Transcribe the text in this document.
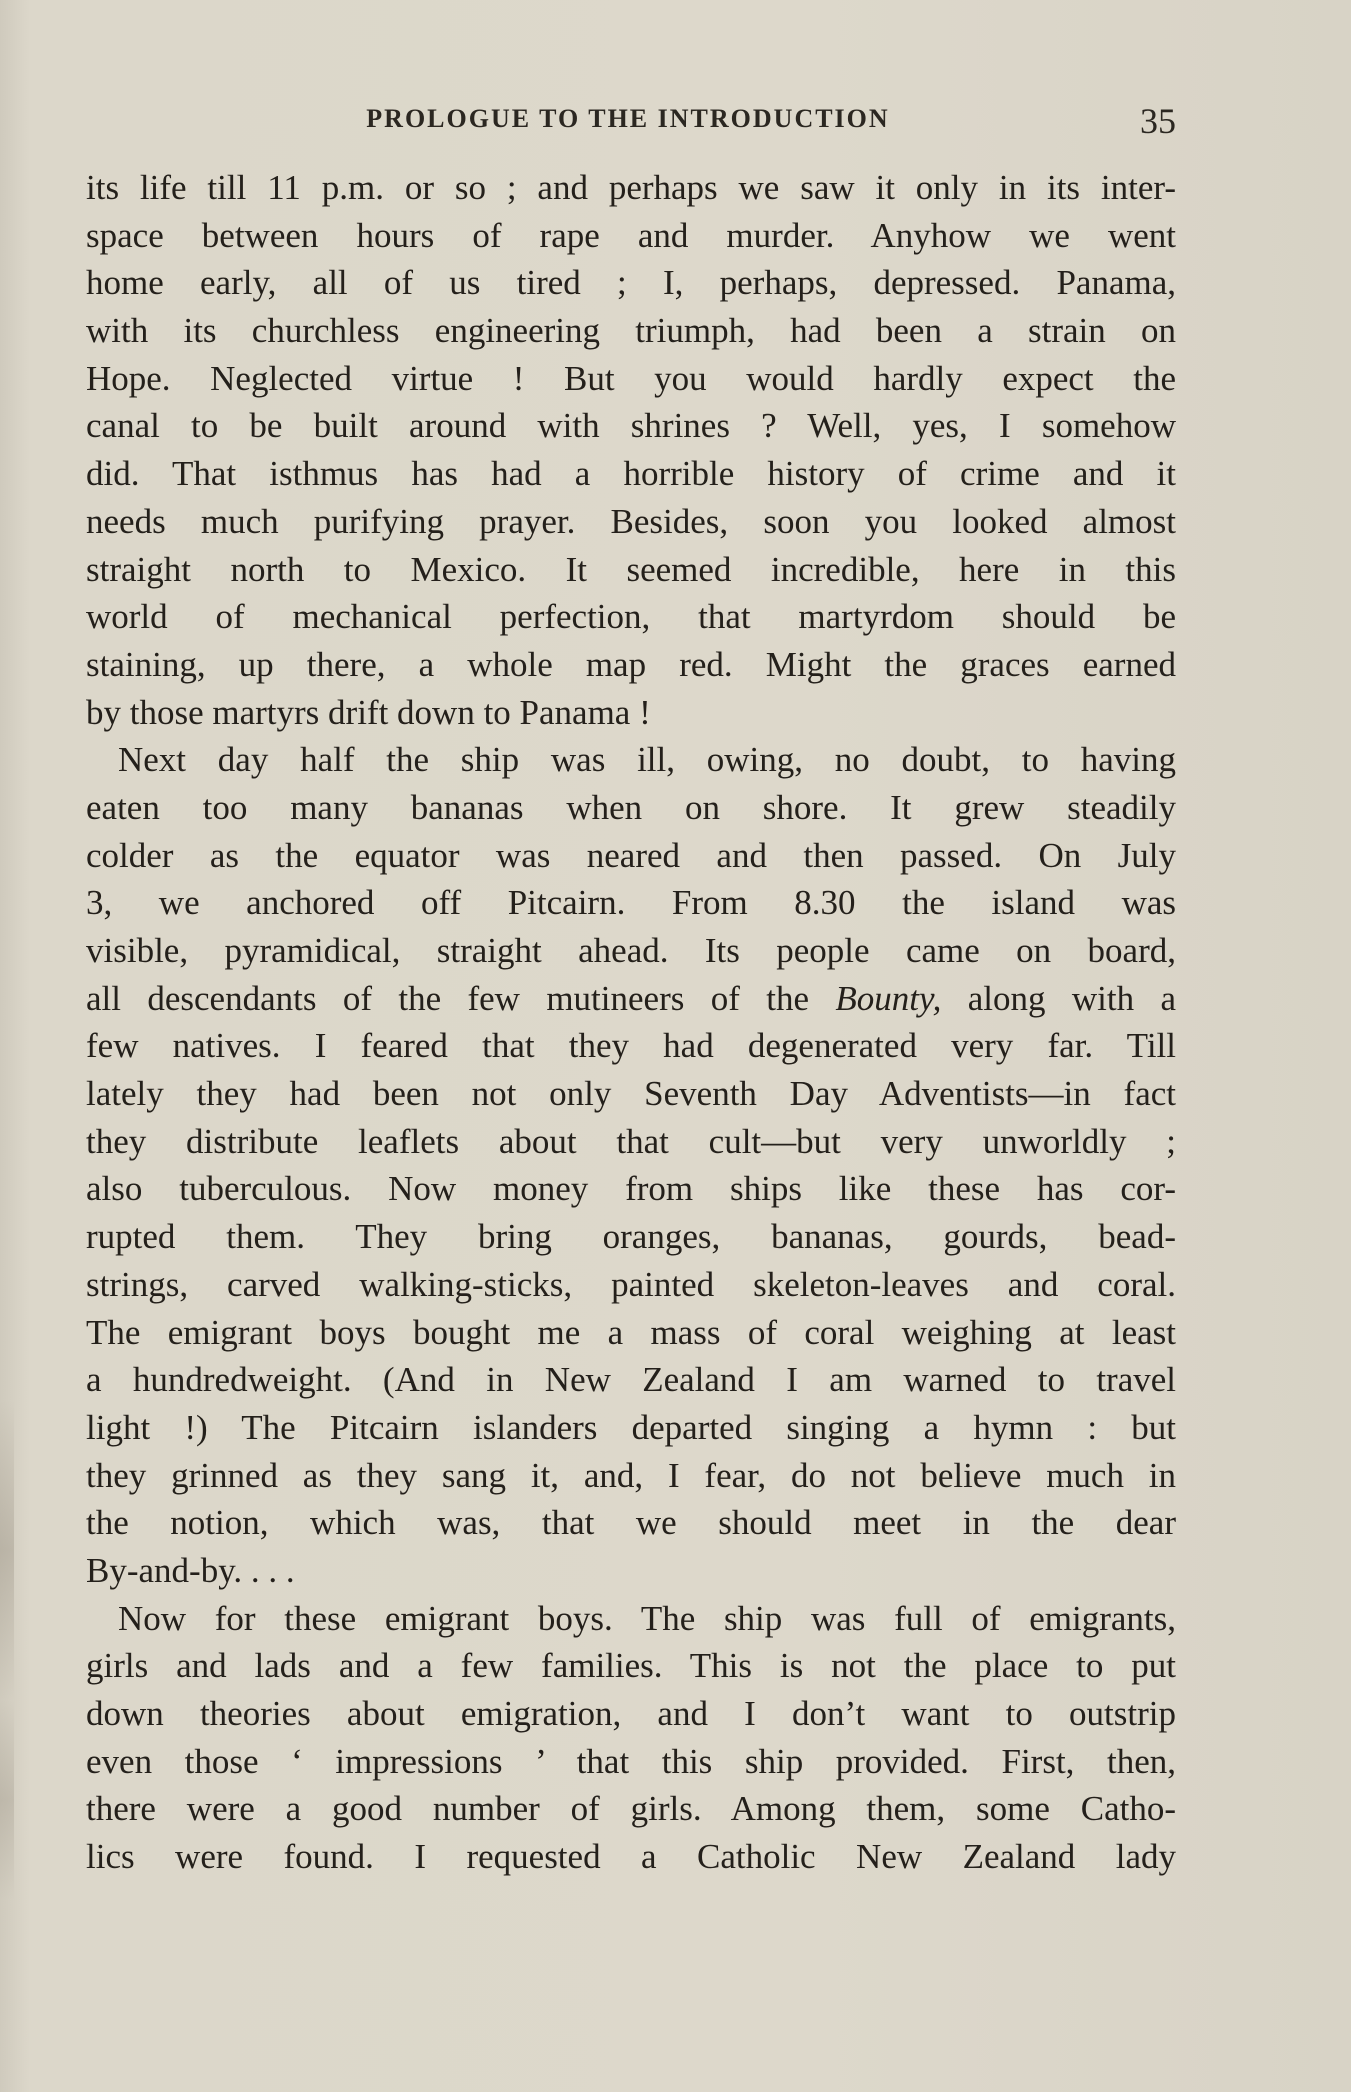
PROLOGUE TO THE INTRODUCTION	35
its life till 11 p.m. or so ; and perhaps we saw it only in its inter-
space between hours of rape and murder. Anyhow we went
home early, all of us tired ; I, perhaps, depressed. Panama,
with its churchless engineering triumph, had been a strain on
Hope. Neglected virtue ! But you would hardly expect the
canal to be built around with shrines ? Well, yes, I somehow
did. That isthmus has had a horrible history of crime and it
needs much purifying prayer. Besides, soon you looked almost
straight north to Mexico. It seemed incredible, here in this
world of mechanical perfection, that martyrdom should be
staining, up there, a whole map red. Might the graces earned
by those martyrs drift down to Panama !
Next day half the ship was ill, owing, no doubt, to having
eaten too many bananas when on shore. It grew steadily
colder as the equator was neared and then passed. On July
3, we anchored off Pitcairn. From 8.30 the island was
visible, pyramidical, straight ahead. Its people came on board,
all descendants of the few mutineers of the Bounty, along with a
few natives. I feared that they had degenerated very far. Till
lately they had been not only Seventh Day Adventists—in fact
they distribute leaflets about that cult—but very unworldly ;
also tuberculous. Now money from ships like these has cor-
rupted them. They bring oranges, bananas, gourds, bead-
strings, carved walking-sticks, painted skeleton-leaves and coral.
The emigrant boys bought me a mass of coral weighing at least
a hundredweight. (And in New Zealand I am warned to travel
light !) The Pitcairn islanders departed singing a hymn : but
they grinned as they sang it, and, I fear, do not believe much in
the notion, which was, that we should meet in the dear
By-and-by. . . .
Now for these emigrant boys. The ship was full of emigrants,
girls and lads and a few families. This is not the place to put
down theories about emigration, and I don’t want to outstrip
even those ‘ impressions ’ that this ship provided. First, then,
there were a good number of girls. Among them, some Catho-
lics were found. I requested a Catholic New Zealand lady
